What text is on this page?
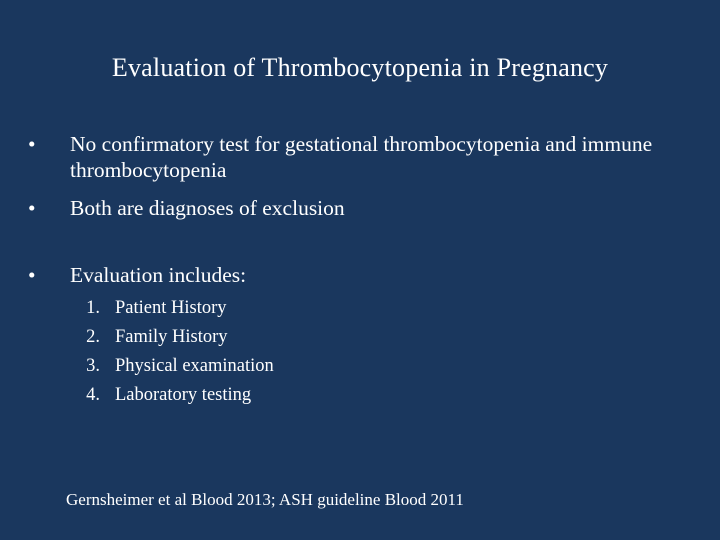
Evaluation of Thrombocytopenia in Pregnancy
•	No confirmatory test for gestational thrombocytopenia and immune thrombocytopenia
•	Both are diagnoses of exclusion
•	Evaluation includes:
1. Patient History
2. Family History
3. Physical examination
4. Laboratory testing
Gernsheimer et al Blood 2013; ASH guideline Blood 2011
